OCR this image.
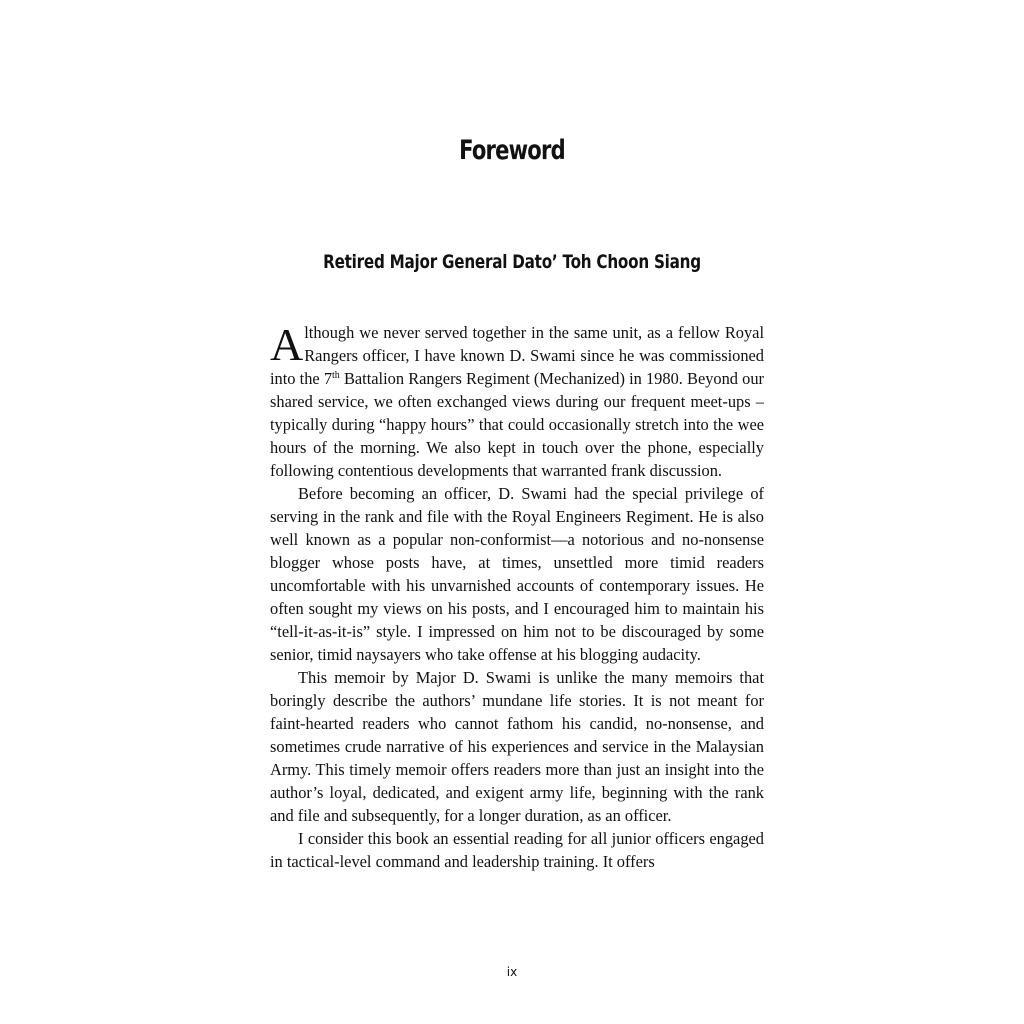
Foreword
Retired Major General Dato’ Toh Choon Siang

Although we never served together in the same unit, as a fellow Royal Rangers officer, I have known D. Swami since he was commissioned into the 7th Battalion Rangers Regiment (Mechanized) in 1980. Beyond our shared service, we often exchanged views during our frequent meet-ups – typically during “happy hours” that could occasionally stretch into the wee hours of the morning. We also kept in touch over the phone, especially following contentious developments that warranted frank discussion.

Before becoming an officer, D. Swami had the special privilege of serving in the rank and file with the Royal Engineers Regiment. He is also well known as a popular non-conformist—a notorious and no-nonsense blogger whose posts have, at times, unsettled more timid readers uncomfortable with his unvarnished accounts of contemporary issues. He often sought my views on his posts, and I encouraged him to maintain his “tell-it-as-it-is” style. I impressed on him not to be discouraged by some senior, timid naysayers who take offense at his blogging audacity.

This memoir by Major D. Swami is unlike the many memoirs that boringly describe the authors’ mundane life stories. It is not meant for faint-hearted readers who cannot fathom his candid, no-nonsense, and sometimes crude narrative of his experiences and service in the Malaysian Army. This timely memoir offers readers more than just an insight into the author’s loyal, dedicated, and exigent army life, beginning with the rank and file and subsequently, for a longer duration, as an officer.

I consider this book an essential reading for all junior officers engaged in tactical-level command and leadership training. It offers

ix
